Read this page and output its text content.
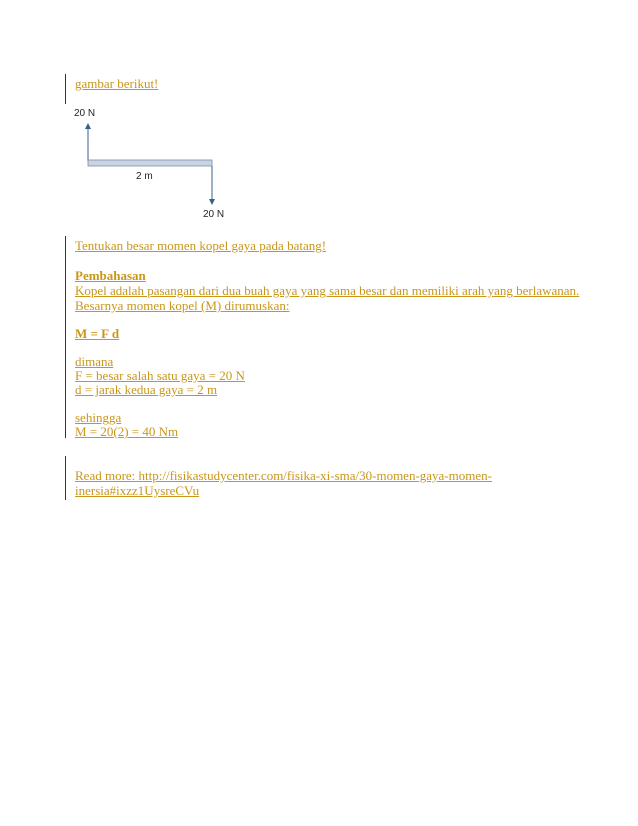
gambar berikut!
20 N
2 m
20 N
Tentukan besar momen kopel gaya pada batang!
Pembahasan
Kopel adalah pasangan dari dua buah gaya yang sama besar dan memiliki arah yang berlawanan.
Besarnya momen kopel (M) dirumuskan:
M = F d
dimana
F = besar salah satu gaya = 20 N
d = jarak kedua gaya = 2 m
sehingga
M = 20(2) = 40 Nm
Read more: http://fisikastudycenter.com/fisika-xi-sma/30-momen-gaya-momen-
inersia#ixzz1UysreCVu
